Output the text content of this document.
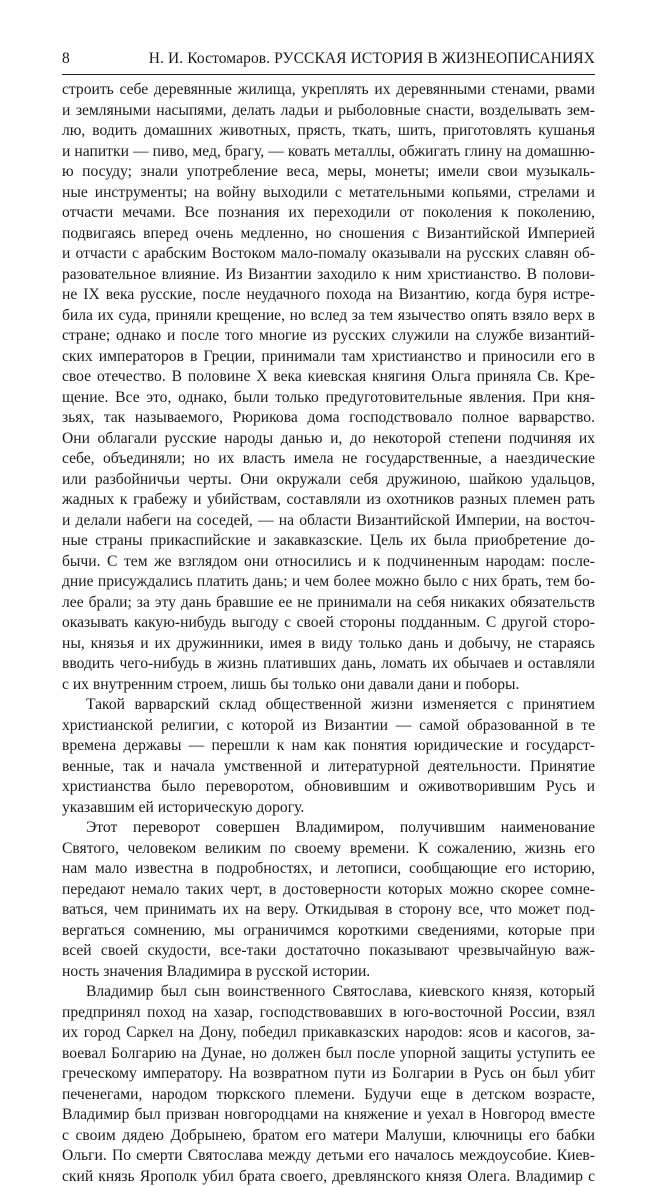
8	Н. И. Костомаров. РУССКАЯ ИСТОРИЯ В ЖИЗНЕОПИСАНИЯХ
строить себе деревянные жилища, укреплять их деревянными стенами, рвами
и земляными насыпями, делать ладьи и рыболовные снасти, возделывать зем-
лю, водить домашних животных, прясть, ткать, шить, приготовлять кушанья
и напитки — пиво, мед, брагу, — ковать металлы, обжигать глину на домашню-
ю посуду; знали употребление веса, меры, монеты; имели свои музыкаль-
ные инструменты; на войну выходили с метательными копьями, стрелами и
отчасти мечами. Все познания их переходили от поколения к поколению,
подвигаясь вперед очень медленно, но сношения с Византийской Империей
и отчасти с арабским Востоком мало-помалу оказывали на русских славян об-
разовательное влияние. Из Византии заходило к ним христианство. В полови-
не IX века русские, после неудачного похода на Византию, когда буря истре-
била их суда, приняли крещение, но вслед за тем язычество опять взяло верх в
стране; однако и после того многие из русских служили на службе византий-
ских императоров в Греции, принимали там христианство и приносили его в
свое отечество. В половине X века киевская княгиня Ольга приняла Св. Кре-
щение. Все это, однако, были только предуготовительные явления. При кня-
зьях, так называемого, Рюрикова дома господствовало полное варварство.
Они облагали русские народы данью и, до некоторой степени подчиняя их
себе, объединяли; но их власть имела не государственные, а наездические
или разбойничьи черты. Они окружали себя дружиною, шайкою удальцов,
жадных к грабежу и убийствам, составляли из охотников разных племен рать
и делали набеги на соседей, — на области Византийской Империи, на восточ-
ные страны прикаспийские и закавказские. Цель их была приобретение до-
бычи. С тем же взглядом они относились и к подчиненным народам: после-
дние присуждались платить дань; и чем более можно было с них брать, тем бо-
лее брали; за эту дань бравшие ее не принимали на себя никаких обязательств
оказывать какую-нибудь выгоду с своей стороны подданным. С другой сторо-
ны, князья и их дружинники, имея в виду только дань и добычу, не стараясь
вводить чего-нибудь в жизнь плативших дань, ломать их обычаев и оставляли
с их внутренним строем, лишь бы только они давали дани и поборы.
Такой варварский склад общественной жизни изменяется с принятием
христианской религии, с которой из Византии — самой образованной в те
времена державы — перешли к нам как понятия юридические и государст-
венные, так и начала умственной и литературной деятельности. Принятие
христианства было переворотом, обновившим и оживотворившим Русь и
указавшим ей историческую дорогу.
Этот переворот совершен Владимиром, получившим наименование
Святого, человеком великим по своему времени. К сожалению, жизнь его
нам мало известна в подробностях, и летописи, сообщающие его историю,
передают немало таких черт, в достоверности которых можно скорее сомне-
ваться, чем принимать их на веру. Откидывая в сторону все, что может под-
вергаться сомнению, мы ограничимся короткими сведениями, которые при
всей своей скудости, все-таки достаточно показывают чрезвычайную важ-
ность значения Владимира в русской истории.
Владимир был сын воинственного Святослава, киевского князя, который
предпринял поход на хазар, господствовавших в юго-восточной России, взял
их город Саркел на Дону, победил прикавказских народов: ясов и касогов, за-
воевал Болгарию на Дунае, но должен был после упорной защиты уступить ее
греческому императору. На возвратном пути из Болгарии в Русь он был убит
печенегами, народом тюркского племени. Будучи еще в детском возрасте,
Владимир был призван новгородцами на княжение и уехал в Новгород вместе
с своим дядею Добрынею, братом его матери Малуши, ключницы его бабки
Ольги. По смерти Святослава между детьми его началось междоусобие. Киев-
ский князь Ярополк убил брата своего, древлянского князя Олега. Владимир с
